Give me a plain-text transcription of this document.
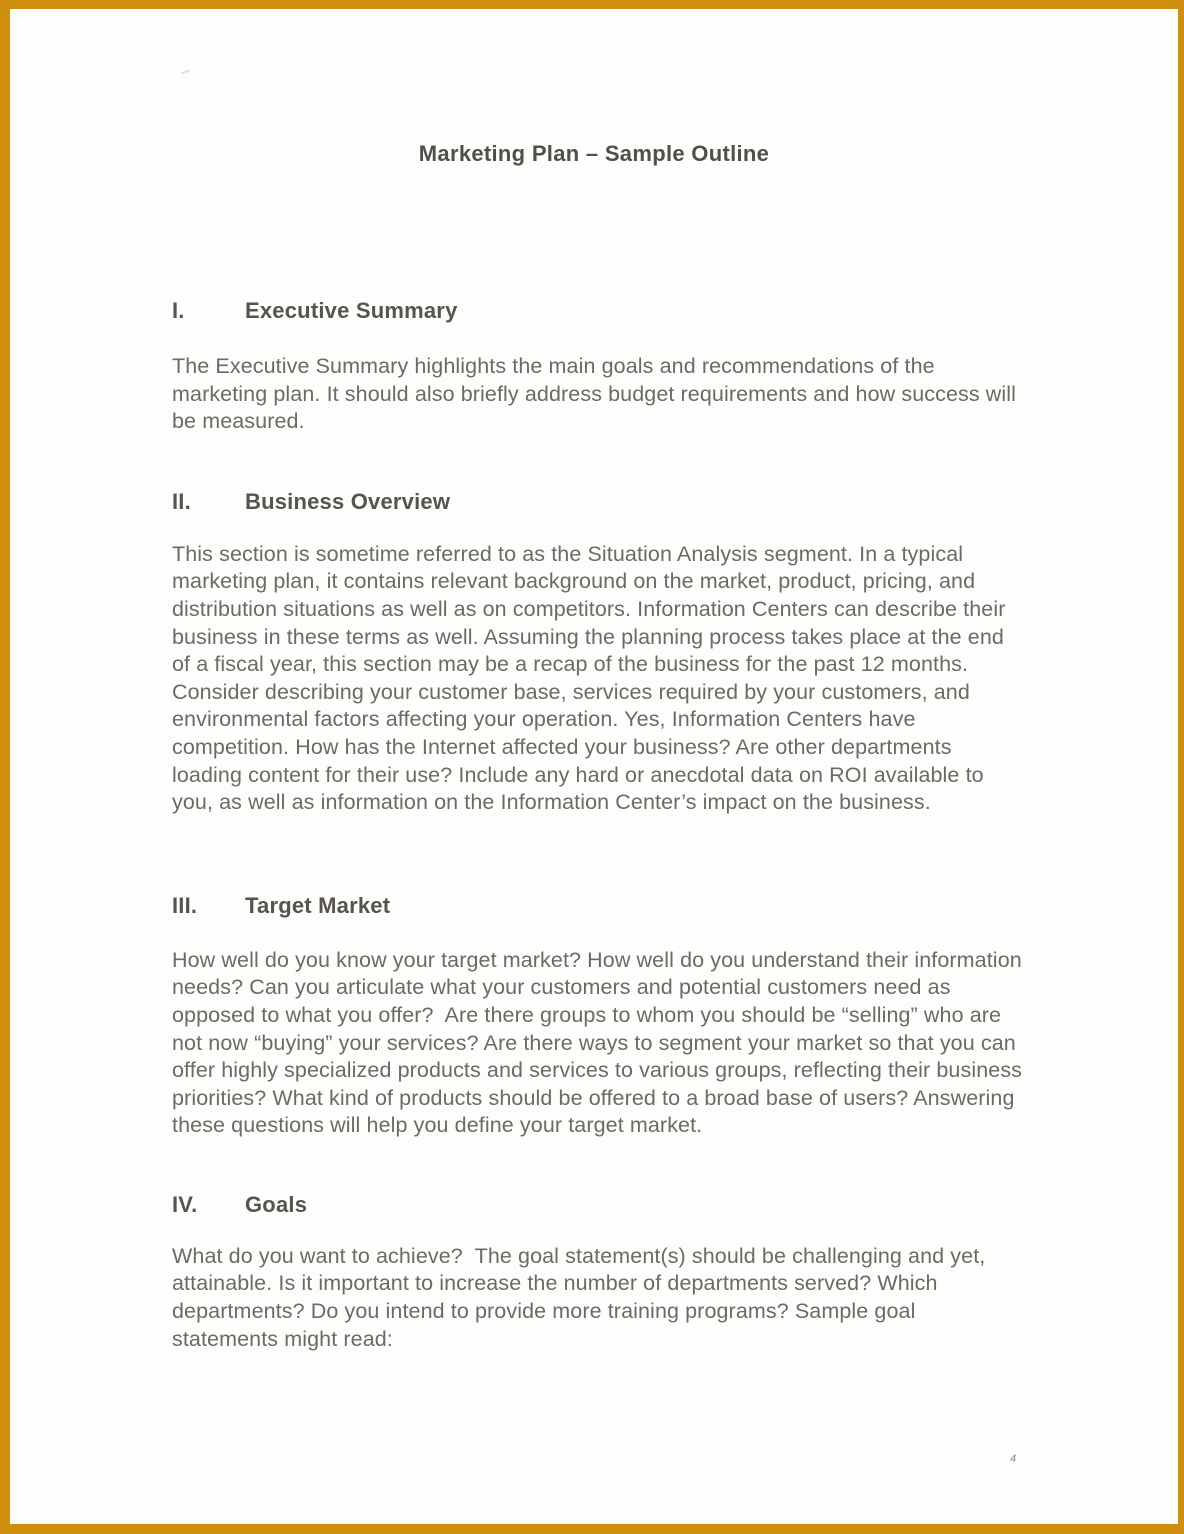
Marketing Plan – Sample Outline
I.	Executive Summary

The Executive Summary highlights the main goals and recommendations of the marketing plan. It should also briefly address budget requirements and how success will be measured.

II.	Business Overview

This section is sometime referred to as the Situation Analysis segment. In a typical marketing plan, it contains relevant background on the market, product, pricing, and distribution situations as well as on competitors. Information Centers can describe their business in these terms as well. Assuming the planning process takes place at the end of a fiscal year, this section may be a recap of the business for the past 12 months. Consider describing your customer base, services required by your customers, and environmental factors affecting your operation. Yes, Information Centers have competition. How has the Internet affected your business? Are other departments loading content for their use? Include any hard or anecdotal data on ROI available to you, as well as information on the Information Center’s impact on the business.

III.	Target Market

How well do you know your target market? How well do you understand their information needs? Can you articulate what your customers and potential customers need as opposed to what you offer?  Are there groups to whom you should be “selling” who are not now “buying” your services? Are there ways to segment your market so that you can offer highly specialized products and services to various groups, reflecting their business priorities? What kind of products should be offered to a broad base of users? Answering these questions will help you define your target market.

IV.	Goals

What do you want to achieve?  The goal statement(s) should be challenging and yet, attainable. Is it important to increase the number of departments served? Which departments? Do you intend to provide more training programs? Sample goal statements might read:

4
